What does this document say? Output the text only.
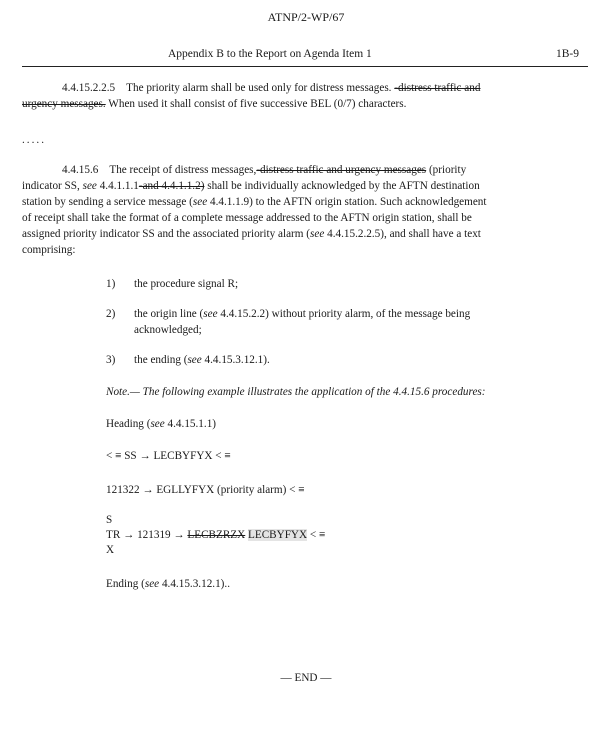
ATNP/2-WP/67
Appendix B to the Report on Agenda Item 1	1B-9
4.4.15.2.2.5 The priority alarm shall be used only for distress messages. -distress traffic and
urgency messages. When used it shall consist of five successive BEL (0/7) characters.
.....
4.4.15.6 The receipt of distress messages,-distress traffic and urgency messages (priority
indicator SS, see 4.4.1.1.1-and 4.4.1.1.2) shall be individually acknowledged by the AFTN destination
station by sending a service message (see 4.4.1.1.9) to the AFTN origin station. Such acknowledgement
of receipt shall take the format of a complete message addressed to the AFTN origin station, shall be
assigned priority indicator SS and the associated priority alarm (see 4.4.15.2.2.5), and shall have a text
comprising:
1) the procedure signal R;
2) the origin line (see 4.4.15.2.2) without priority alarm, of the message being
acknowledged;
3) the ending (see 4.4.15.3.12.1).
Note.— The following example illustrates the application of the 4.4.15.6 procedures:
Heading (see 4.4.15.1.1)
< ≡ SS → LECBYFYX < ≡
121322 → EGLLYFYX (priority alarm) < ≡
S
TR → 121319 → LECBZRZX LECBYFYX < ≡
X
Ending (see 4.4.15.3.12.1)..
— END —
